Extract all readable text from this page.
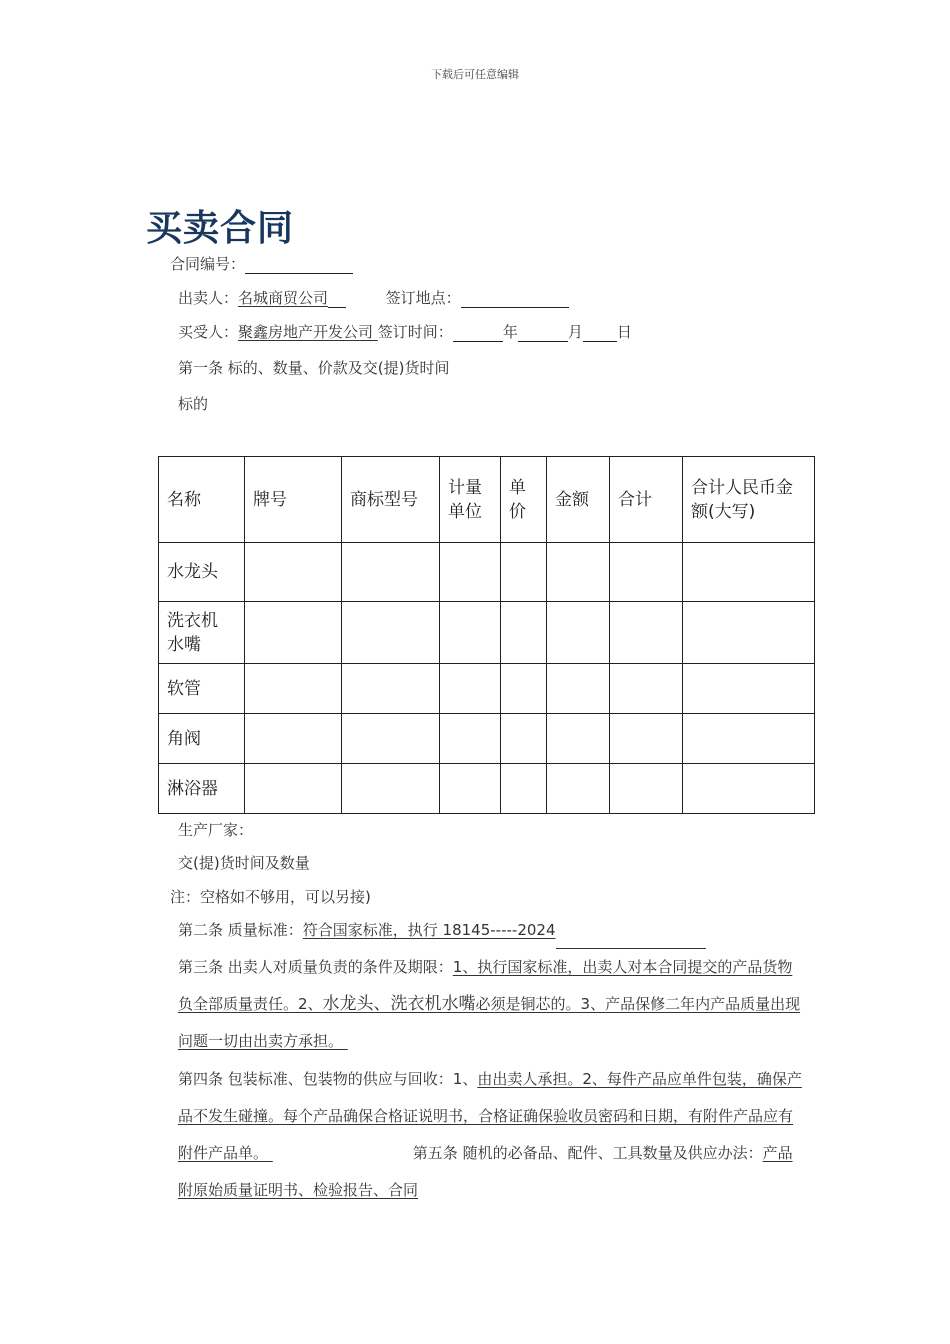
下载后可任意编辑
买卖合同
合同编号：
出卖人：名城商贸公司	签订地点：
买受人：聚鑫房地产开发公司 签订时间：	年	月 日
第一条 标的、数量、价款及交(提)货时间
标的
名称	牌号	商标型号	计量单位	单价	金额	合计	合计人民币金额(大写)
水龙头							
洗衣机水嘴							
软管							
角阀							
淋浴器							
生产厂家：
交(提)货时间及数量
注：空格如不够用，可以另接)
第二条 质量标准：符合国家标准，执行 18145-----2024
第三条 出卖人对质量负责的条件及期限：1、执行国家标准，出卖人对本合同提交的产品货物负全部质量责任。2、水龙头、洗衣机水嘴必须是铜芯的。3、产品保修二年内产品质量出现问题一切由出卖方承担。
第四条 包装标准、包装物的供应与回收：1、由出卖人承担。2、每件产品应单件包装，确保产品不发生碰撞。每个产品确保合格证说明书，合格证确保验收员密码和日期，有附件产品应有附件产品单。	第五条 随机的必备品、配件、工具数量及供应办法：产品附原始质量证明书、检验报告、合同
